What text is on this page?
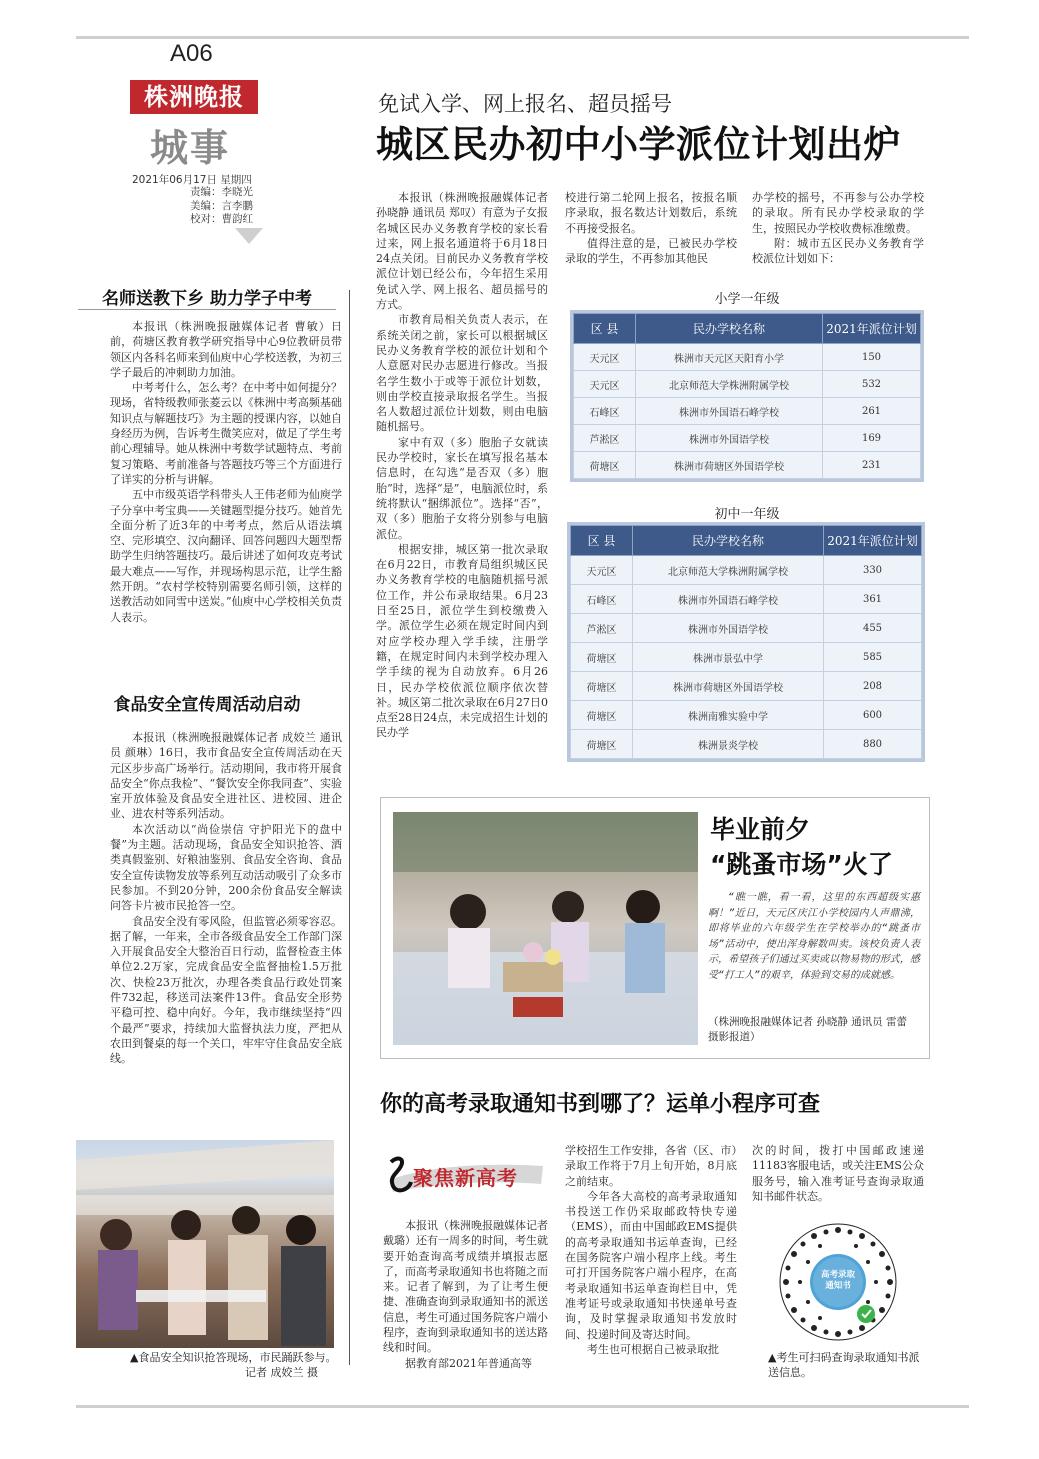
A06
株洲晚报
城事
2021年06月17日 星期四
责编：李晓光
美编：言李鹏
校对：曹韵红
免试入学、网上报名、超员摇号
城区民办初中小学派位计划出炉
名师送教下乡 助力学子中考

本报讯（株洲晚报融媒体记者 曹敏）日前，荷塘区教育教学研究指导中心9位教研员带领区内各科名师来到仙庾中心学校送教，为初三学子最后的冲刺助力加油。

中考考什么，怎么考？在中考中如何提分？现场，省特级教师张菱云以《株洲中考高频基础知识点与解题技巧》为主题的授课内容，以她自身经历为例，告诉考生微笑应对，做足了学生考前心理辅导。她从株洲中考数学试题特点、考前复习策略、考前准备与答题技巧等三个方面进行了详实的分析与讲解。

五中市级英语学科带头人王伟老师为仙庾学子分享中考宝典——关键题型提分技巧。她首先全面分析了近3年的中考考点，然后从语法填空、完形填空、汉向翻译、回答问题四大题型帮助学生归纳答题技巧。最后讲述了如何攻克考试最大难点——写作，并现场构思示范，让学生豁然开朗。“农村学校特别需要名师引领，这样的送教活动如同雪中送炭。”仙庾中心学校相关负责人表示。

食品安全宣传周活动启动

本报讯（株洲晚报融媒体记者 成姣兰 通讯员 颜琳）16日，我市食品安全宣传周活动在天元区步步高广场举行。活动期间，我市将开展食品安全“你点我检”、“餐饮安全你我同查”、实验室开放体验及食品安全进社区、进校园、进企业、进农村等系列活动。

本次活动以“尚俭崇信 守护阳光下的盘中餐”为主题。活动现场，食品安全知识抢答、酒类真假鉴别、好粮油鉴别、食品安全咨询、食品安全宣传读物发放等系列互动活动吸引了众多市民参加。不到20分钟，200余份食品安全解读问答卡片被市民抢答一空。

食品安全没有零风险，但监管必须零容忍。据了解，一年来，全市各级食品安全工作部门深入开展食品安全大整治百日行动，监督检查主体单位2.2万家，完成食品安全监督抽检1.5万批次、快检23万批次，办理各类食品行政处罚案件732起，移送司法案件13件。食品安全形势平稳可控、稳中向好。今年，我市继续坚持“四个最严”要求，持续加大监督执法力度，严把从农田到餐桌的每一个关口，牢牢守住食品安全底线。

▲食品安全知识抢答现场，市民踊跃参与。
记者 成姣兰 摄

本报讯（株洲晚报融媒体记者 孙晓静 通讯员 郑叹）有意为子女报名城区民办义务教育学校的家长看过来，网上报名通道将于6月18日24点关闭。目前民办义务教育学校派位计划已经公布，今年招生采用免试入学、网上报名、超员摇号的方式。

市教育局相关负责人表示，在系统关闭之前，家长可以根据城区民办义务教育学校的派位计划和个人意愿对民办志愿进行修改。当报名学生数小于或等于派位计划数，则由学校直接录取报名学生。当报名人数超过派位计划数，则由电脑随机摇号。

家中有双（多）胞胎子女就读民办学校时，家长在填写报名基本信息时，在勾选“是否双（多）胞胎”时，选择“是”，电脑派位时，系统将默认“捆绑派位”。选择“否”，双（多）胞胎子女将分别参与电脑派位。

根据安排，城区第一批次录取在6月22日，市教育局组织城区民办义务教育学校的电脑随机摇号派位工作，并公布录取结果。6月23日至25日，派位学生到校缴费入学。派位学生必须在规定时间内到对应学校办理入学手续，注册学籍，在规定时间内未到学校办理入学手续的视为自动放弃。6月26日，民办学校依派位顺序依次替补。城区第二批次录取在6月27日0点至28日24点，未完成招生计划的民办学

校进行第二轮网上报名，按报名顺序录取，报名数达计划数后，系统不再接受报名。

值得注意的是，已被民办学校录取的学生，不再参加其他民

办学校的摇号，不再参与公办学校的录取。所有民办学校录取的学生，按照民办学校收费标准缴费。

附：城市五区民办义务教育学校派位计划如下：

小学一年级
区 县	民办学校名称	2021年派位计划
天元区	株洲市天元区天阳育小学	150
天元区	北京师范大学株洲附属学校	532
石峰区	株洲市外国语石峰学校	261
芦淞区	株洲市外国语学校	169
荷塘区	株洲市荷塘区外国语学校	231
初中一年级
区 县	民办学校名称	2021年派位计划
天元区	北京师范大学株洲附属学校	330
石峰区	株洲市外国语石峰学校	361
芦淞区	株洲市外国语学校	455
荷塘区	株洲市景弘中学	585
荷塘区	株洲市荷塘区外国语学校	208
荷塘区	株洲南雅实验中学	600
荷塘区	株洲景炎学校	880
毕业前夕
“跳蚤市场”火了
“瞧一瞧，看一看，这里的东西超级实惠啊！”近日，天元区庆江小学校园内人声鼎沸，即将毕业的六年级学生在学校举办的“跳蚤市场”活动中，使出浑身解数叫卖。该校负责人表示，希望孩子们通过买卖或以物易物的形式，感受“打工人”的艰辛，体验到交易的成就感。
（株洲晚报融媒体记者 孙晓静 通讯员 雷蕾 摄影报道）
你的高考录取通知书到哪了？运单小程序可查
聚焦新高考

本报讯（株洲晚报融媒体记者 戴璐）还有一周多的时间，考生就要开始查询高考成绩并填报志愿了，而高考录取通知书也将随之而来。记者了解到，为了让考生便捷、准确查询到录取通知书的派送信息，考生可通过国务院客户端小程序，查询到录取通知书的送达路线和时间。

据教育部2021年普通高等

学校招生工作安排，各省（区、市）录取工作将于7月上旬开始，8月底之前结束。

今年各大高校的高考录取通知书投送工作仍采取邮政特快专递（EMS），而由中国邮政EMS提供的高考录取通知书运单查询，已经在国务院客户端小程序上线。考生可打开国务院客户端小程序，在高考录取通知书运单查询栏目中，凭准考证号或录取通知书快递单号查询，及时掌握录取通知书发放时间、投递时间及寄达时间。

考生也可根据自己被录取批

次的时间，拨打中国邮政速递11183客服电话，或关注EMS公众服务号，输入准考证号查询录取通知书邮件状态。

高考录取
通知书
▲考生可扫码查询录取通知书派送信息。
